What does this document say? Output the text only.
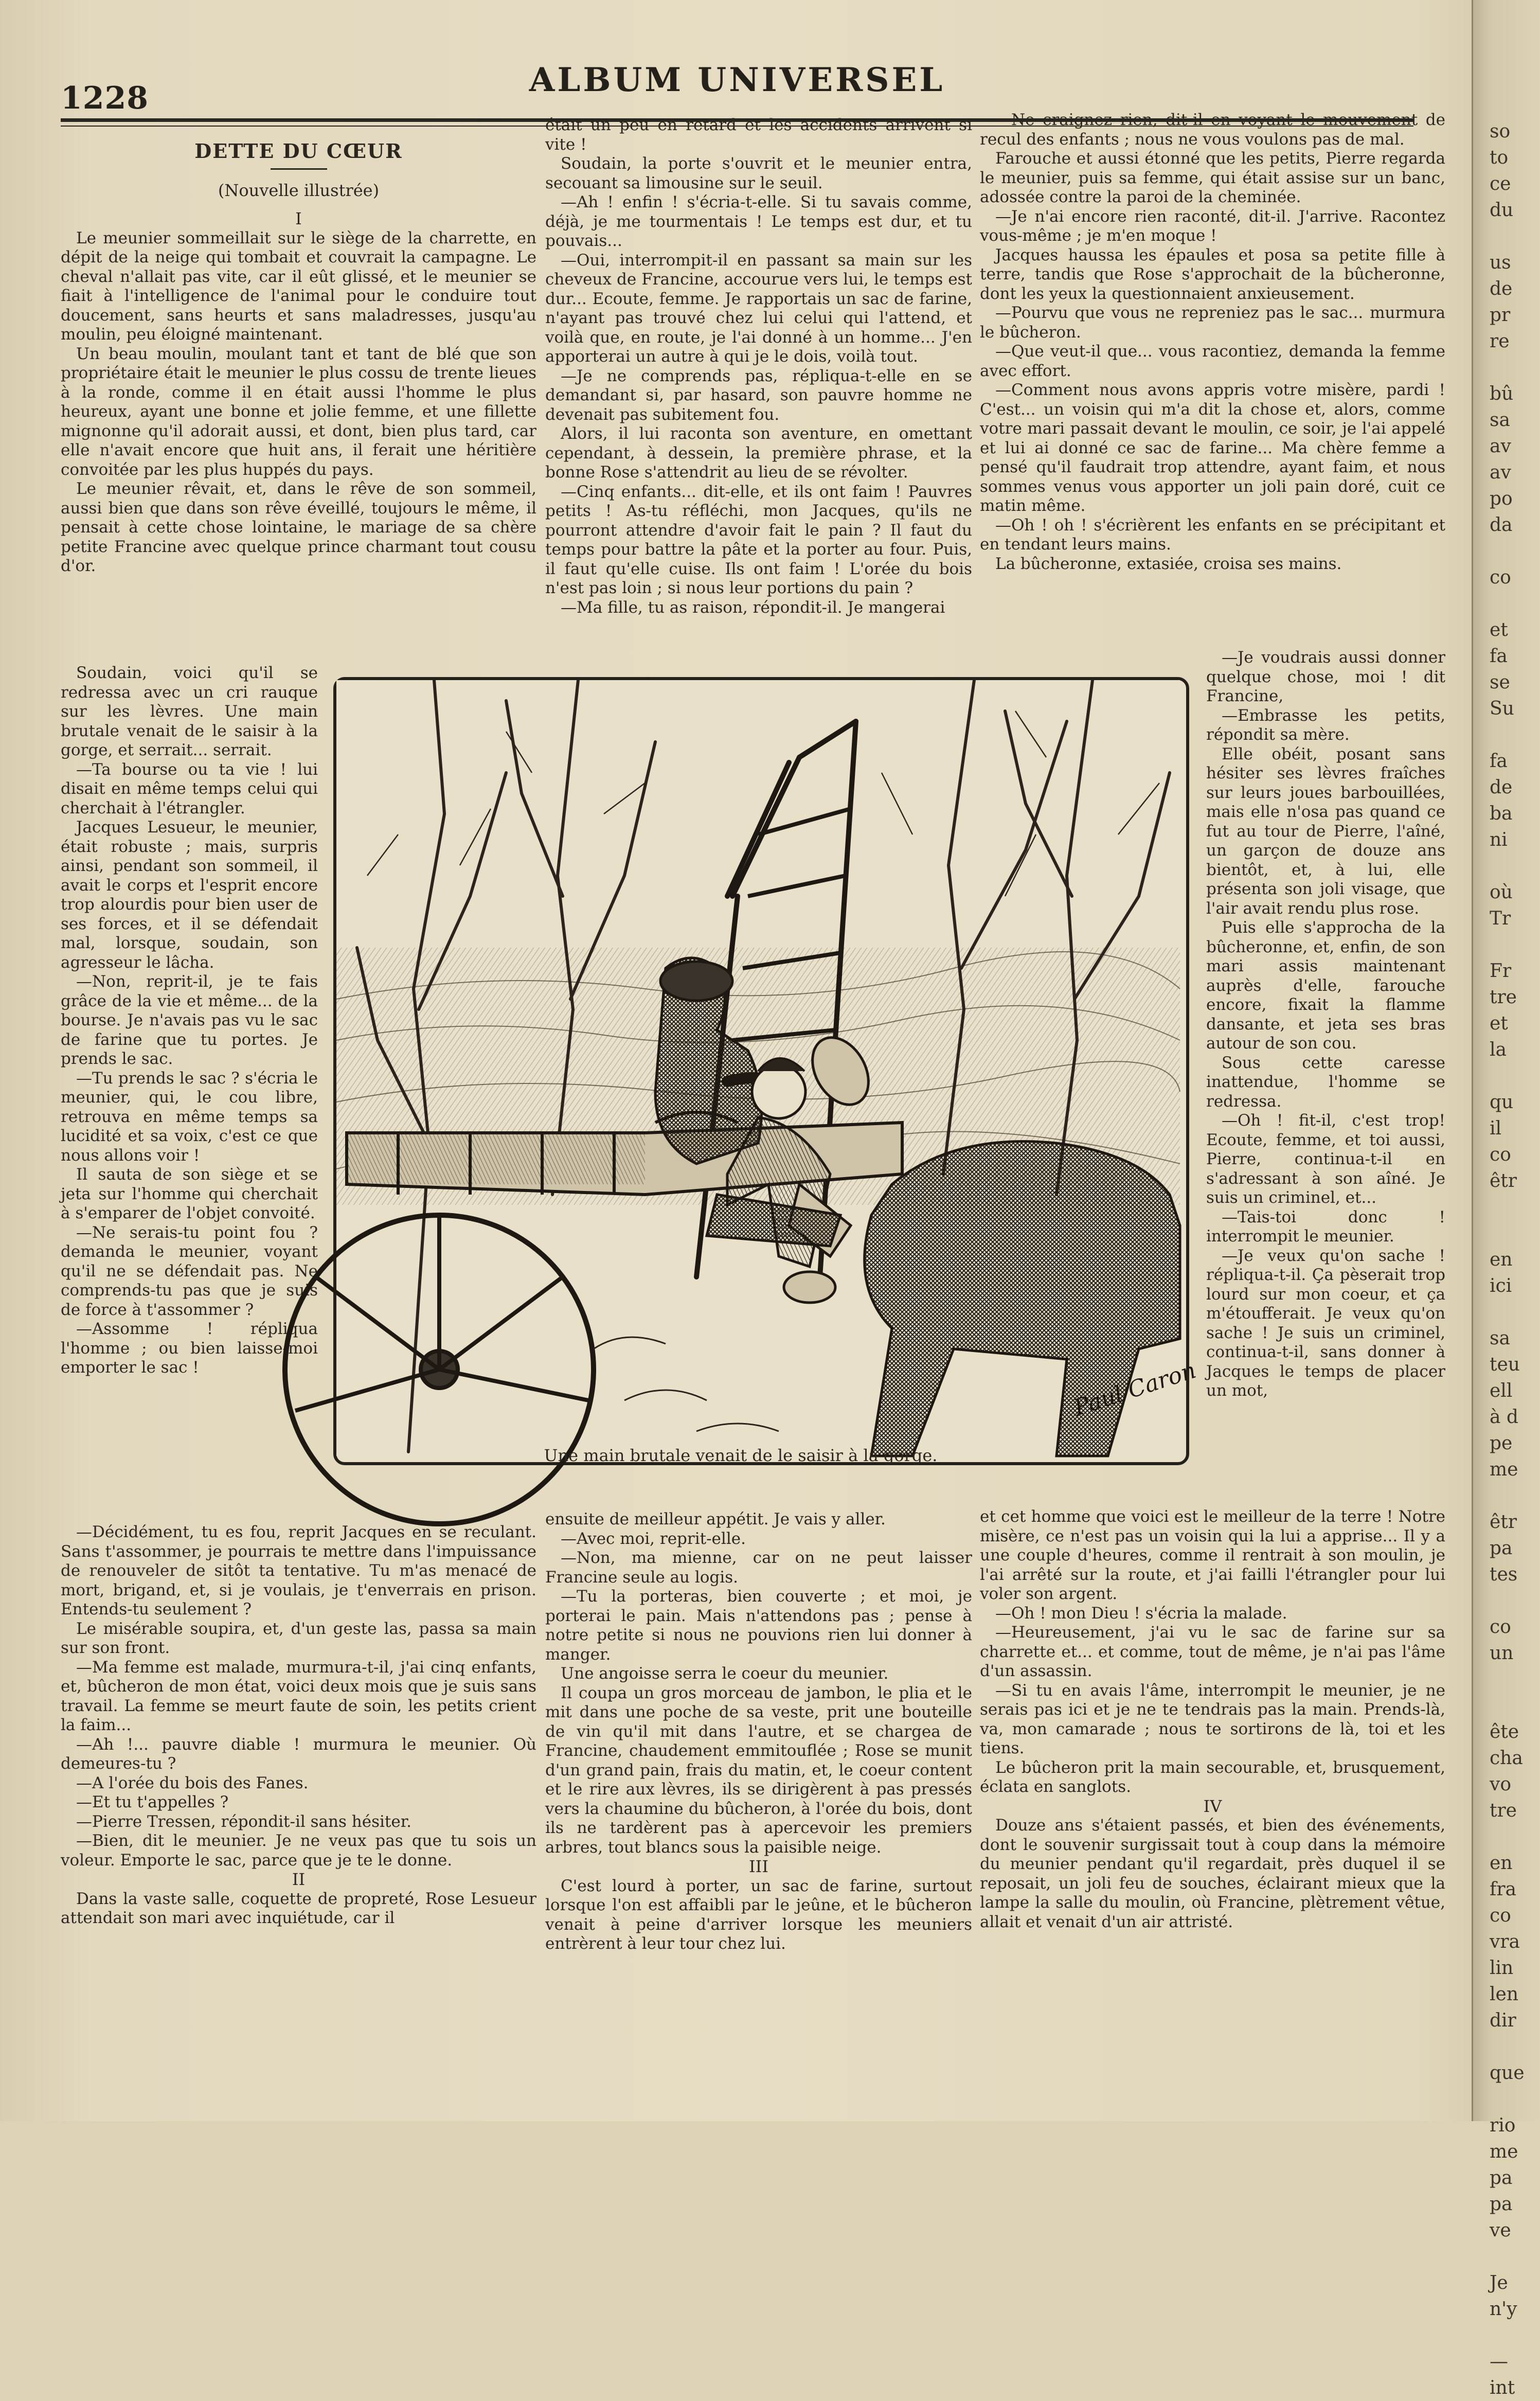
1228	ALBUM UNIVERSEL
DETTE DU CŒUR
(Nouvelle illustrée)

I

Le meunier sommeillait sur le siège de la charrette, en dépit de la neige qui tombait et couvrait la campagne. Le cheval n'allait pas vite, car il eût glissé, et le meunier se fiait à l'intelligence de l'animal pour le conduire tout doucement, sans heurts et sans maladresses, jusqu'au moulin, peu éloigné maintenant.

Un beau moulin, moulant tant et tant de blé que son propriétaire était le meunier le plus cossu de trente lieues à la ronde, comme il en était aussi l'homme le plus heureux, ayant une bonne et jolie femme, et une fillette mignonne qu'il adorait aussi, et dont, bien plus tard, car elle n'avait encore que huit ans, il ferait une héritière convoitée par les plus huppés du pays.

Le meunier rêvait, et, dans le rêve de son sommeil, aussi bien que dans son rêve éveillé, toujours le même, il pensait à cette chose lointaine, le mariage de sa chère petite Francine avec quelque prince charmant tout cousu d'or.

Soudain, voici qu'il se redressa avec un cri rauque sur les lèvres. Une main brutale venait de le saisir à la gorge, et serrait... serrait.

—Ta bourse ou ta vie ! lui disait en même temps celui qui cherchait à l'étrangler.

Jacques Lesueur, le meunier, était robuste ; mais, surpris ainsi, pendant son sommeil, il avait le corps et l'esprit encore trop alourdis pour bien user de ses forces, et il se défendait mal, lorsque, soudain, son agresseur le lâcha.

—Non, reprit-il, je te fais grâce de la vie et même... de la bourse. Je n'avais pas vu le sac de farine que tu portes. Je prends le sac.

—Tu prends le sac ? s'écria le meunier, qui, le cou libre, retrouva en même temps sa lucidité et sa voix, c'est ce que nous allons voir !

Il sauta de son siège et se jeta sur l'homme qui cherchait à s'emparer de l'objet convoité.

—Ne serais-tu point fou ? demanda le meunier, voyant qu'il ne se défendait pas. Ne comprends-tu pas que je suis de force à t'assommer ?

—Assomme ! répliqua l'homme ; ou bien laisse-moi emporter le sac !

—Décidément, tu es fou, reprit Jacques en se reculant. Sans t'assommer, je pourrais te mettre dans l'impuissance de renouveler de sitôt ta tentative. Tu m'as menacé de mort, brigand, et, si je voulais, je t'enverrais en prison. Entends-tu seulement ?

Le misérable soupira, et, d'un geste las, passa sa main sur son front.

—Ma femme est malade, murmura-t-il, j'ai cinq enfants, et, bûcheron de mon état, voici deux mois que je suis sans travail. La femme se meurt faute de soin, les petits crient la faim...

—Ah !... pauvre diable ! murmura le meunier. Où demeures-tu ?

—A l'orée du bois des Fanes.

—Et tu t'appelles ?

—Pierre Tressen, répondit-il sans hésiter.

—Bien, dit le meunier. Je ne veux pas que tu sois un voleur. Emporte le sac, parce que je te le donne.

II

Dans la vaste salle, coquette de propreté, Rose Lesueur attendait son mari avec inquiétude, car il

était un peu en retard et les accidents arrivent si vite !

Soudain, la porte s'ouvrit et le meunier entra, secouant sa limousine sur le seuil.

—Ah ! enfin ! s'écria-t-elle. Si tu savais comme, déjà, je me tourmentais ! Le temps est dur, et tu pouvais...

—Oui, interrompit-il en passant sa main sur les cheveux de Francine, accourue vers lui, le temps est dur... Ecoute, femme. Je rapportais un sac de farine, n'ayant pas trouvé chez lui celui qui l'attend, et voilà que, en route, je l'ai donné à un homme... J'en apporterai un autre à qui je le dois, voilà tout.

—Je ne comprends pas, répliqua-t-elle en se demandant si, par hasard, son pauvre homme ne devenait pas subitement fou.

Alors, il lui raconta son aventure, en omettant cependant, à dessein, la première phrase, et la bonne Rose s'attendrit au lieu de se révolter.

—Cinq enfants... dit-elle, et ils ont faim ! Pauvres petits ! As-tu réfléchi, mon Jacques, qu'ils ne pourront attendre d'avoir fait le pain ? Il faut du temps pour battre la pâte et la porter au four. Puis, il faut qu'elle cuise. Ils ont faim ! L'orée du bois n'est pas loin ; si nous leur portions du pain ?

—Ma fille, tu as raison, répondit-il. Je mangerai

ensuite de meilleur appétit. Je vais y aller.

—Avec moi, reprit-elle.

—Non, ma mienne, car on ne peut laisser Francine seule au logis.

—Tu la porteras, bien couverte ; et moi, je porterai le pain. Mais n'attendons pas ; pense à notre petite si nous ne pouvions rien lui donner à manger.

Une angoisse serra le coeur du meunier.

Il coupa un gros morceau de jambon, le plia et le mit dans une poche de sa veste, prit une bouteille de vin qu'il mit dans l'autre, et se chargea de Francine, chaudement emmitouflée ; Rose se munit d'un grand pain, frais du matin, et, le coeur content et le rire aux lèvres, ils se dirigèrent à pas pressés vers la chaumine du bûcheron, à l'orée du bois, dont ils ne tardèrent pas à apercevoir les premiers arbres, tout blancs sous la paisible neige.

III

C'est lourd à porter, un sac de farine, surtout lorsque l'on est affaibli par le jeûne, et le bûcheron venait à peine d'arriver lorsque les meuniers entrèrent à leur tour chez lui.

—Ne craignez rien, dit-il en voyant le mouvement de recul des enfants ; nous ne vous voulons pas de mal.

Farouche et aussi étonné que les petits, Pierre regarda le meunier, puis sa femme, qui était assise sur un banc, adossée contre la paroi de la cheminée.

—Je n'ai encore rien raconté, dit-il. J'arrive. Racontez vous-même ; je m'en moque !

Jacques haussa les épaules et posa sa petite fille à terre, tandis que Rose s'approchait de la bûcheronne, dont les yeux la questionnaient anxieusement.

—Pourvu que vous ne repreniez pas le sac... murmura le bûcheron.

—Que veut-il que... vous racontiez, demanda la femme avec effort.

—Comment nous avons appris votre misère, pardi ! C'est... un voisin qui m'a dit la chose et, alors, comme votre mari passait devant le moulin, ce soir, je l'ai appelé et lui ai donné ce sac de farine... Ma chère femme a pensé qu'il faudrait trop attendre, ayant faim, et nous sommes venus vous apporter un joli pain doré, cuit ce matin même.

—Oh ! oh ! s'écrièrent les enfants en se précipitant et en tendant leurs mains.

La bûcheronne, extasiée, croisa ses mains.

—Je voudrais aussi donner quelque chose, moi ! dit Francine,

—Embrasse les petits, répondit sa mère.

Elle obéit, posant sans hésiter ses lèvres fraîches sur leurs joues barbouillées, mais elle n'osa pas quand ce fut au tour de Pierre, l'aîné, un garçon de douze ans bientôt, et, à lui, elle présenta son joli visage, que l'air avait rendu plus rose.

Puis elle s'approcha de la bûcheronne, et, enfin, de son mari assis maintenant auprès d'elle, farouche encore, fixait la flamme dansante, et jeta ses bras autour de son cou.

Sous cette caresse inattendue, l'homme se redressa.

—Oh ! fit-il, c'est trop! Ecoute, femme, et toi aussi, Pierre, continua-t-il en s'adressant à son aîné. Je suis un criminel, et...

—Tais-toi donc ! interrompit le meunier.

—Je veux qu'on sache ! répliqua-t-il. Ça pèserait trop lourd sur mon coeur, et ça m'étoufferait. Je veux qu'on sache ! Je suis un criminel, continua-t-il, sans donner à Jacques le temps de placer un mot,

et cet homme que voici est le meilleur de la terre ! Notre misère, ce n'est pas un voisin qui la lui a apprise... Il y a une couple d'heures, comme il rentrait à son moulin, je l'ai arrêté sur la route, et j'ai failli l'étrangler pour lui voler son argent.

—Oh ! mon Dieu ! s'écria la malade.

—Heureusement, j'ai vu le sac de farine sur sa charrette et... et comme, tout de même, je n'ai pas l'âme d'un assassin.

—Si tu en avais l'âme, interrompit le meunier, je ne serais pas ici et je ne te tendrais pas la main. Prends-là, va, mon camarade ; nous te sortirons de là, toi et les tiens.

Le bûcheron prit la main secourable, et, brusquement, éclata en sanglots.

IV

Douze ans s'étaient passés, et bien des événements, dont le souvenir surgissait tout à coup dans la mémoire du meunier pendant qu'il regardait, près duquel il se reposait, un joli feu de souches, éclairant mieux que la lampe la salle du moulin, où Francine, plètrement vêtue, allait et venait d'un air attristé.

Paul Caron
Une main brutale venait de le saisir à la gorge.
so
to
ce
du

us
de
pr
re

bû
sa
av
av
po
da

co

et
fa
se
Su

fa
de
ba
ni

où
Tr

Fr
tre
et
la

qu
il
co
êtr

en
ici

sa
teu
ell
à d
pe
me

êtr
pa
tes

co
un

ête
cha
vo
tre

en
fra
co
vra
lin
len
dir

que

rio
me
pa
pa
ve

Je
n'y

—
int
